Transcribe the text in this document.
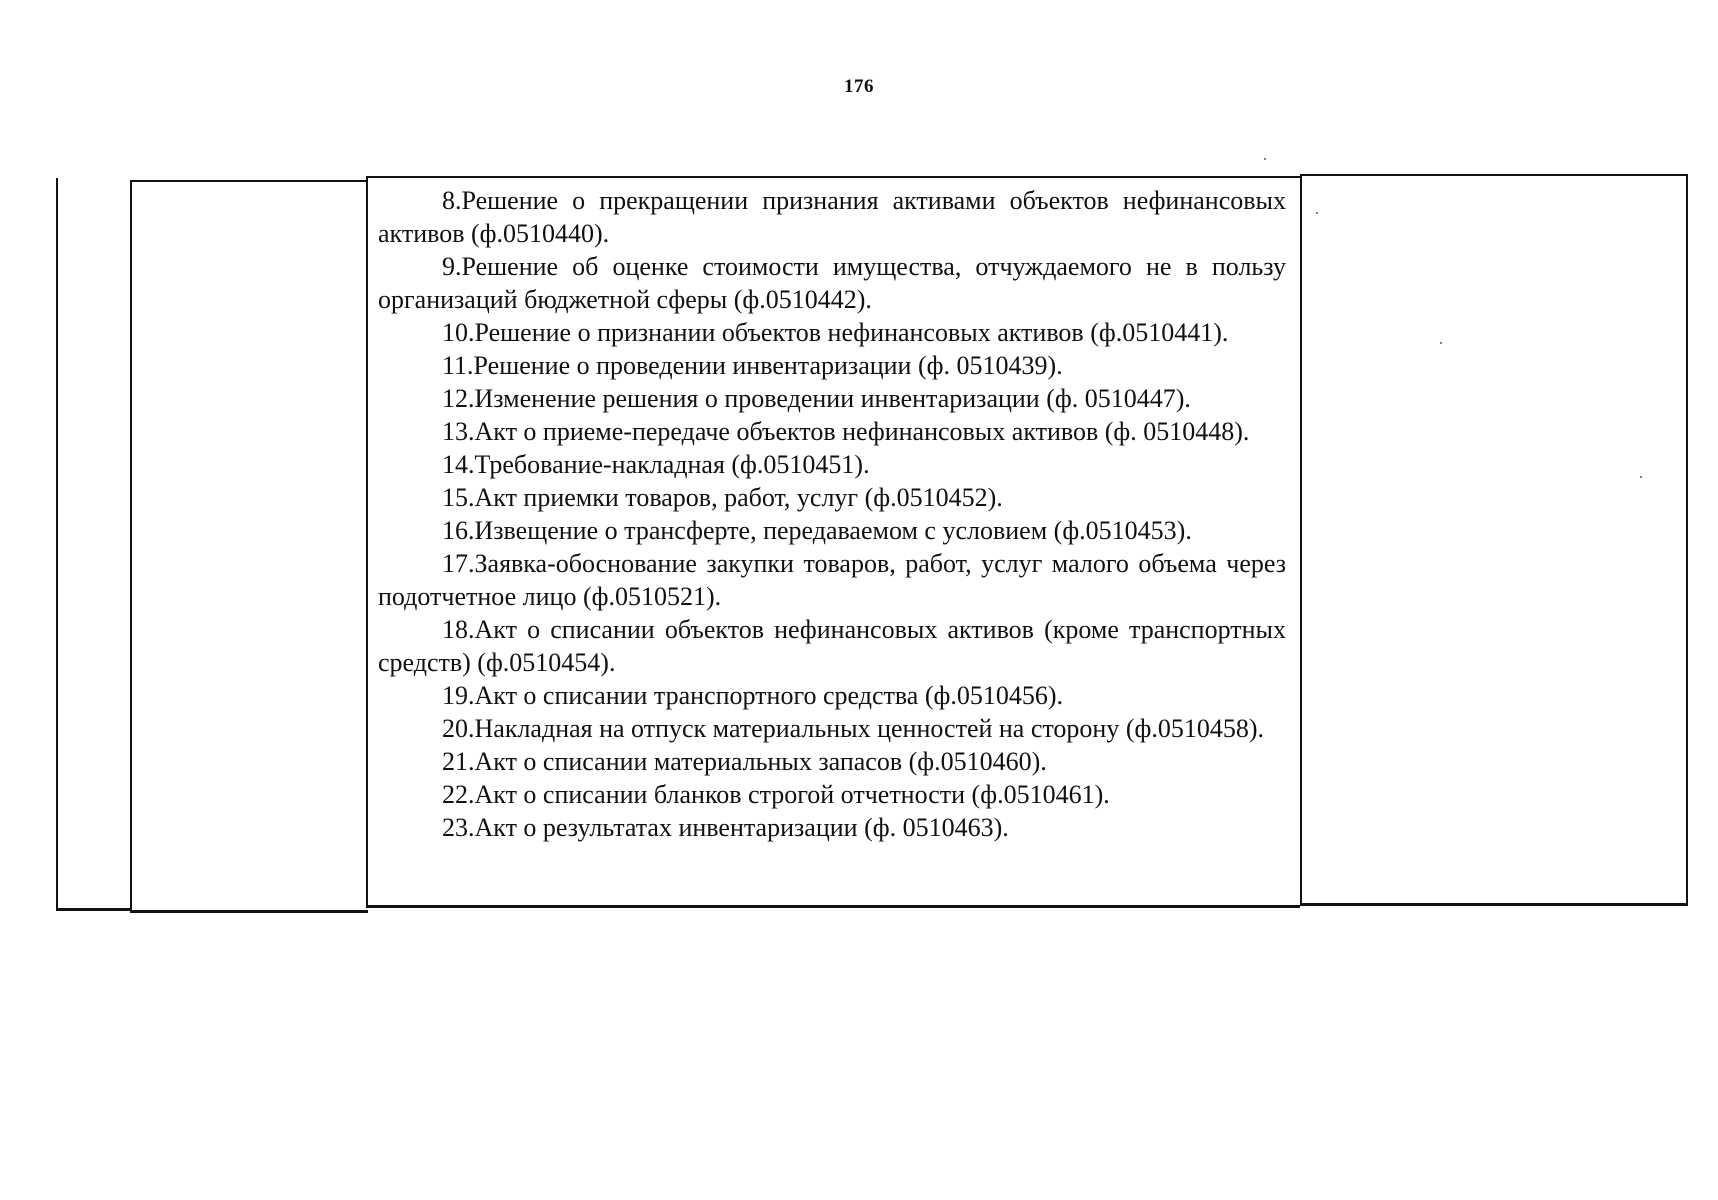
176
8.Решение о прекращении признания активами объектов нефинансовых активов (ф.0510440).
9.Решение об оценке стоимости имущества, отчуждаемого не в пользу организаций бюджетной сферы (ф.0510442).
10.Решение о признании объектов нефинансовых активов (ф.0510441).
11.Решение о проведении инвентаризации (ф. 0510439).
12.Изменение решения о проведении инвентаризации (ф. 0510447).
13.Акт о приеме-передаче объектов нефинансовых активов (ф. 0510448).
14.Требование-накладная (ф.0510451).
15.Акт приемки товаров, работ, услуг (ф.0510452).
16.Извещение о трансферте, передаваемом с условием (ф.0510453).
17.Заявка-обоснование закупки товаров, работ, услуг малого объема через подотчетное лицо (ф.0510521).
18.Акт о списании объектов нефинансовых активов (кроме транспортных средств) (ф.0510454).
19.Акт о списании транспортного средства (ф.0510456).
20.Накладная на отпуск материальных ценностей на сторону (ф.0510458).
21.Акт о списании материальных запасов (ф.0510460).
22.Акт о списании бланков строгой отчетности (ф.0510461).
23.Акт о результатах инвентаризации (ф. 0510463).
